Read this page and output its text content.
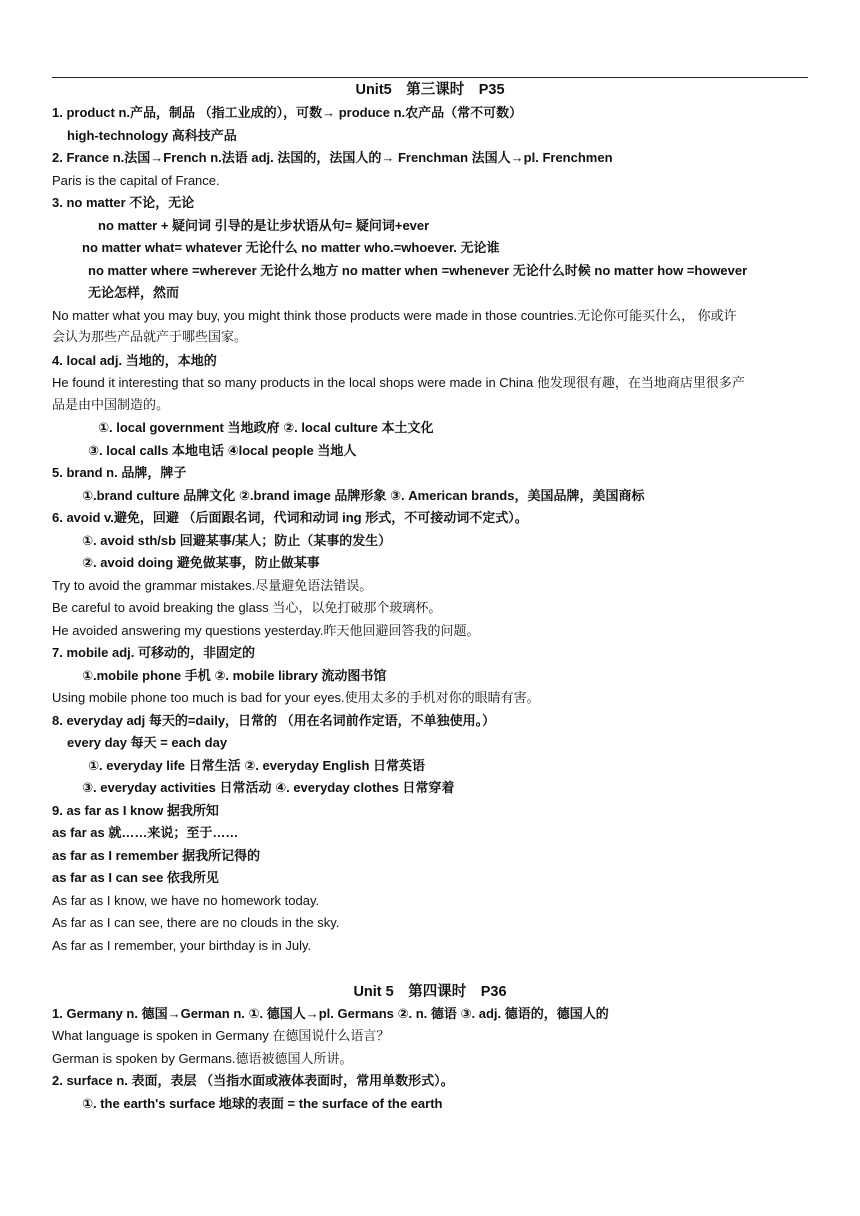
Unit5　第三课时　P35
1. product n.产品，制品 （指工业成的），可数→ produce n.农产品（常不可数）
high-technology 高科技产品
2. France n.法国→French n.法语 adj. 法国的，法国人的→ Frenchman 法国人→pl. Frenchmen
Paris is the capital of France.
3. no matter 不论，无论
no matter + 疑问词 引导的是让步状语从句= 疑问词+ever
no matter what= whatever 无论什么 no matter who.=whoever. 无论谁
no matter where =wherever 无论什么地方 no matter when =whenever 无论什么时候 no matter how =however
无论怎样，然而
No matter what you may buy, you might think those products were made in those countries.无论你可能买什么， 你或许
会认为那些产品就产于哪些国家。
4. local adj. 当地的，本地的
He found it interesting that so many products in the local shops were made in China 他发现很有趣，在当地商店里很多产
品是由中国制造的。
①. local government 当地政府 ②. local culture 本土文化
③. local calls 本地电话 ④local people 当地人
5. brand n. 品牌，牌子
①.brand culture 品牌文化 ②.brand image 品牌形象 ③. American brands，美国品牌，美国商标
6. avoid v.避免，回避 （后面跟名词，代词和动词 ing 形式，不可接动词不定式）。
①. avoid sth/sb 回避某事/某人；防止（某事的发生）
②. avoid doing 避免做某事，防止做某事
Try to avoid the grammar mistakes.尽量避免语法错误。
Be careful to avoid breaking the glass 当心，以免打破那个玻璃杯。
He avoided answering my questions yesterday.昨天他回避回答我的问题。
7. mobile adj. 可移动的，非固定的
①.mobile phone 手机 ②. mobile library 流动图书馆
Using mobile phone too much is bad for your eyes.使用太多的手机对你的眼睛有害。
8. everyday adj 每天的=daily，日常的 （用在名词前作定语，不单独使用。）
every day 每天 = each day
①. everyday life 日常生活 ②. everyday English 日常英语
③. everyday activities 日常活动 ④. everyday clothes 日常穿着
9. as far as I know 据我所知
as far as 就……来说；至于……
as far as I remember 据我所记得的
as far as I can see 依我所见
As far as I know, we have no homework today.
As far as I can see, there are no clouds in the sky.
As far as I remember, your birthday is in July.
Unit 5　第四课时　P36
1. Germany n. 德国→German n. ①. 德国人→pl. Germans ②. n. 德语 ③. adj. 德语的，德国人的
What language is spoken in Germany 在德国说什么语言？
German is spoken by Germans.德语被德国人所讲。
2. surface n. 表面，表层 （当指水面或液体表面时，常用单数形式）。
①. the earth's surface 地球的表面 = the surface of the earth
